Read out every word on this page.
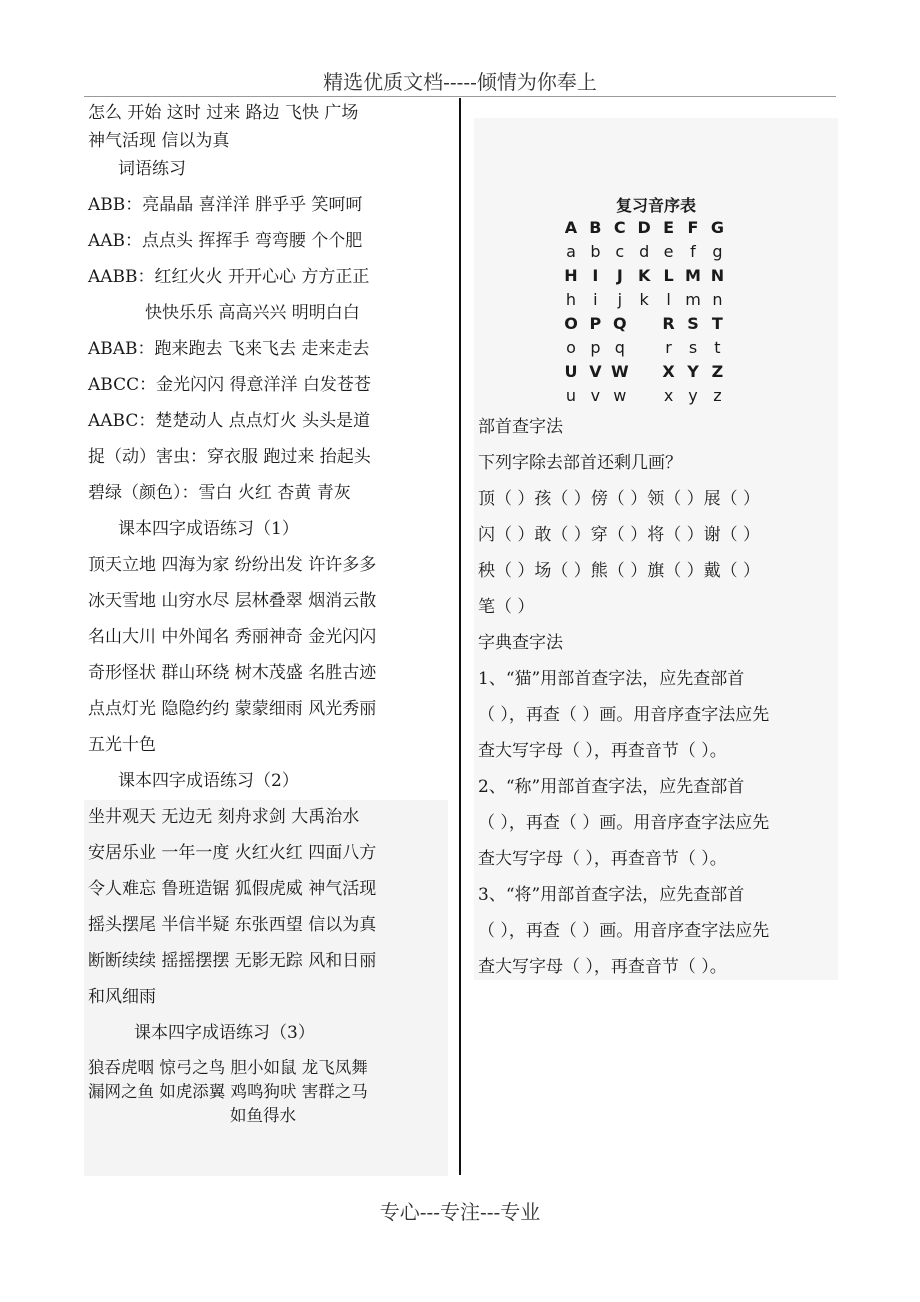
精选优质文档-----倾情为你奉上
怎么 开始 这时 过来 路边 飞快 广场
神气活现 信以为真
词语练习
ABB：亮晶晶 喜洋洋 胖乎乎 笑呵呵
AAB：点点头 挥挥手 弯弯腰 个个肥
AABB：红红火火 开开心心 方方正正
快快乐乐 高高兴兴 明明白白
ABAB：跑来跑去 飞来飞去 走来走去
ABCC：金光闪闪 得意洋洋 白发苍苍
AABC：楚楚动人 点点灯火 头头是道
捉（动）害虫：穿衣服 跑过来 抬起头
碧绿（颜色）：雪白 火红 杏黄 青灰
课本四字成语练习（1）
顶天立地 四海为家 纷纷出发 许许多多
冰天雪地 山穷水尽 层林叠翠 烟消云散
名山大川 中外闻名 秀丽神奇 金光闪闪
奇形怪状 群山环绕 树木茂盛 名胜古迹
点点灯光 隐隐约约 蒙蒙细雨 风光秀丽
五光十色
课本四字成语练习（2）
坐井观天 无边无 刻舟求剑 大禹治水
安居乐业 一年一度 火红火红 四面八方
令人难忘 鲁班造锯 狐假虎威 神气活现
摇头摆尾 半信半疑 东张西望 信以为真
断断续续 摇摇摆摆 无影无踪 风和日丽
和风细雨
课本四字成语练习（3）
狼吞虎咽 惊弓之鸟 胆小如鼠 龙飞凤舞
漏网之鱼 如虎添翼 鸡鸣狗吠 害群之马
如鱼得水
复习音序表
A B C D E F G
a b c d e	f	g
H I	J K L M N
h	i	j	k	l m n
O P Q	R S T
o p q	r	s	t
U V W	X Y Z
u v w	x y z
部首查字法
下列字除去部首还剩几画？
顶（ ）孩（ ）傍（ ）领（ ）展（ ）
闪（ ）敢（ ）穿（ ）将（ ）谢（ ）
秧（ ）场（ ）熊（ ）旗（ ）戴（ ）
笔（ ）
字典查字法
1、“猫”用部首查字法，应先查部首
（ ），再查（ ）画。用音序查字法应先
查大写字母（ ），再查音节（ ）。
2、“称”用部首查字法，应先查部首
（ ），再查（ ）画。用音序查字法应先
查大写字母（ ），再查音节（ ）。
3、“将”用部首查字法，应先查部首
（ ），再查（ ）画。用音序查字法应先
查大写字母（ ），再查音节（ ）。
专心---专注---专业
